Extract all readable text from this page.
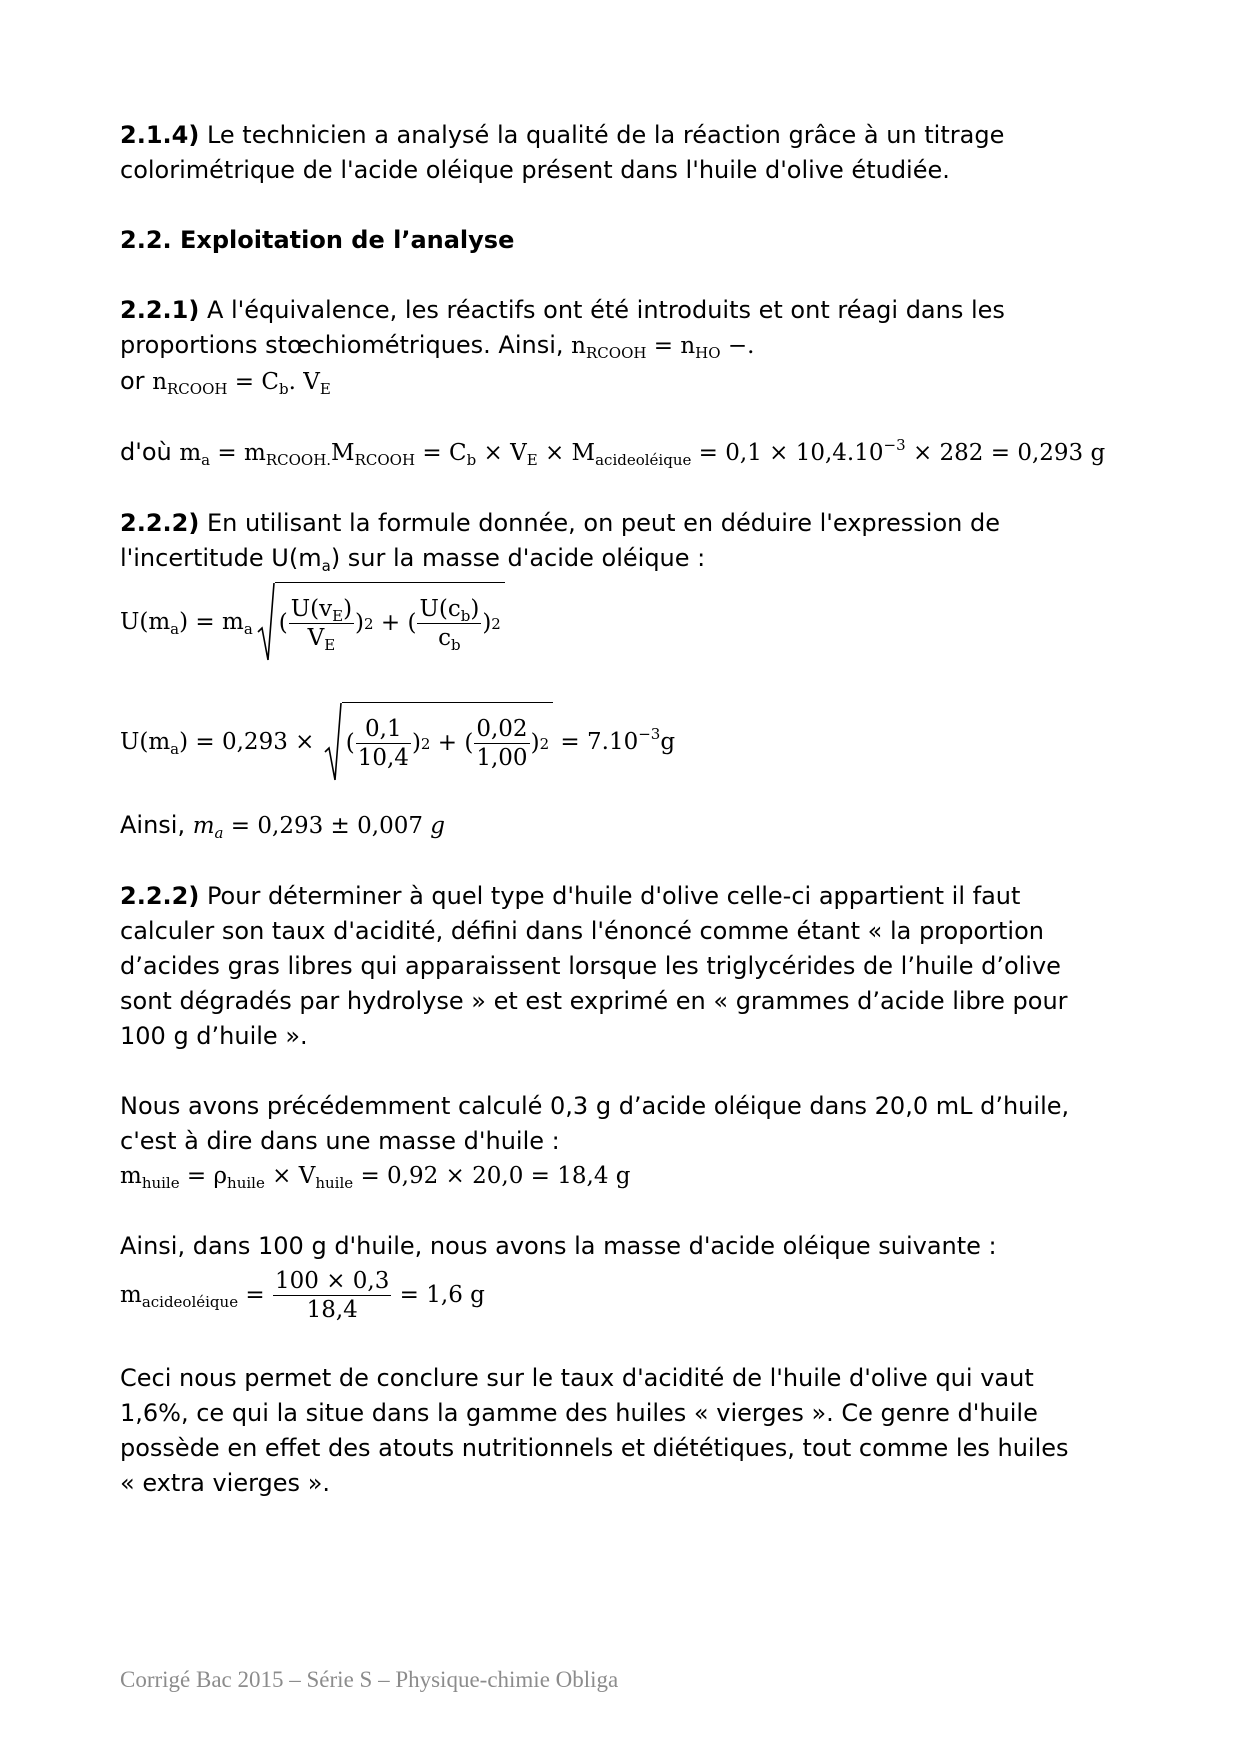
2.1.4) Le technicien a analysé la qualité de la réaction grâce à un titrage

colorimétrique de l'acide oléique présent dans l'huile d'olive étudiée.

2.2. Exploitation de l’analyse

2.2.1) A l'équivalence, les réactifs ont été introduits et ont réagi dans les

proportions stœchiométriques. Ainsi, $n_{RCOOH} = n_{HO}$ −.

or $n_{RCOOH} = C_b$. $V_E$

d'où $m_a = m_{RCOOH.}M_{RCOOH} = C_b \times V_E \times M_{acideoléique} = 0,1 \times 10,4.10^{-3} \times 282 = 0,293$ g

2.2.2) En utilisant la formule donnée, on peut en déduire l'expression de

l'incertitude $U(m_a)$ sur la masse d'acide oléique :

$U(m_a) = m_a$ ( $\frac{U(v_E)}{V_E}$ ) 2 + ( $\frac{U(c_b)}{c_b}$ ) 2
$U(m_a) = 0,293$ × ( $\frac{0,1}{10,4}$ ) 2 + ( $\frac{0,02}{1,00}$ ) $2 = 7.10^{-3}g$

Ainsi, $m_a = 0,293 \pm 0,007$ g

2.2.2) Pour déterminer à quel type d'huile d'olive celle-ci appartient il faut

calculer son taux d'acidité, défini dans l'énoncé comme étant « la proportion

d’acides gras libres qui apparaissent lorsque les triglycérides de l’huile d’olive

sont dégradés par hydrolyse » et est exprimé en « grammes d’acide libre pour

100 g d’huile ».

Nous avons précédemment calculé 0,3 g d’acide oléique dans 20,0 mL d’huile,

c'est à dire dans une masse d'huile :

$m_{huile} = \rho_{huile} \times V_{huile} = 0,92 \times 20,0 = 18,4$ g

Ainsi, dans 100 g d'huile, nous avons la masse d'acide oléique suivante :

$m_{acideoléique} = \frac{100 \times 0,3}{18,4} = 1,6$ g

Ceci nous permet de conclure sur le taux d'acidité de l'huile d'olive qui vaut

1,6%, ce qui la situe dans la gamme des huiles « vierges ». Ce genre d'huile

possède en effet des atouts nutritionnels et diététiques, tout comme les huiles

« extra vierges ».

Corrigé Bac 2015 – Série S – Physique-chimie Obliga
